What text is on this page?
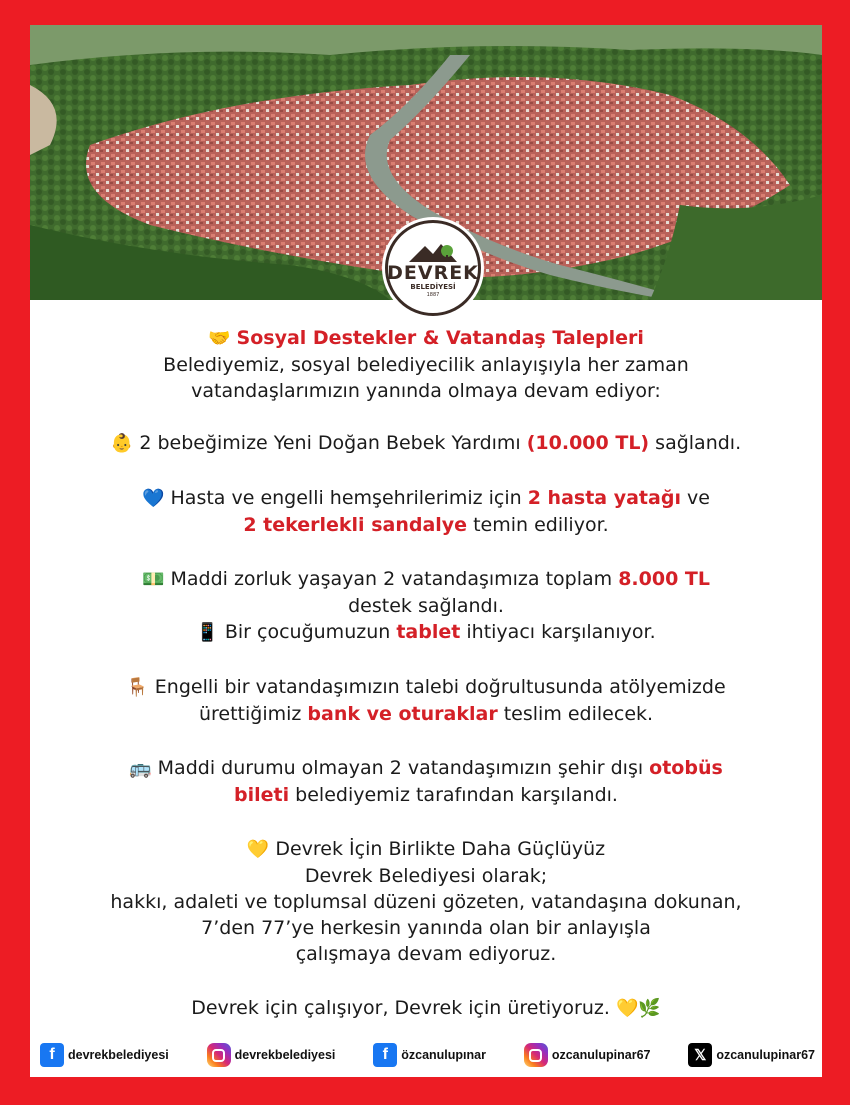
DEVREK
BELEDİYESİ
1887

🤝 Sosyal Destekler & Vatandaş Talepleri

Belediyemiz, sosyal belediyecilik anlayışıyla her zaman

vatandaşlarımızın yanında olmaya devam ediyor:

👶 2 bebeğimize Yeni Doğan Bebek Yardımı (10.000 TL) sağlandı.

💙 Hasta ve engelli hemşehrilerimiz için 2 hasta yatağı ve

2 tekerlekli sandalye temin ediliyor.

💵 Maddi zorluk yaşayan 2 vatandaşımıza toplam 8.000 TL

destek sağlandı.

📱 Bir çocuğumuzun tablet ihtiyacı karşılanıyor.

🪑 Engelli bir vatandaşımızın talebi doğrultusunda atölyemizde

ürettiğimiz bank ve oturaklar teslim edilecek.

🚌 Maddi durumu olmayan 2 vatandaşımızın şehir dışı otobüs

bileti belediyemiz tarafından karşılandı.

💛 Devrek İçin Birlikte Daha Güçlüyüz

Devrek Belediyesi olarak;

hakkı, adaleti ve toplumsal düzeni gözeten, vatandaşına dokunan,

7’den 77’ye herkesin yanında olan bir anlayışla

çalışmaya devam ediyoruz.

Devrek için çalışıyor, Devrek için üretiyoruz. 💛🌿

f	devrekbelediyesi	devrekbelediyesi	f	özcanulupınar	ozcanulupinar67	𝕏 ozcanulupinar67
